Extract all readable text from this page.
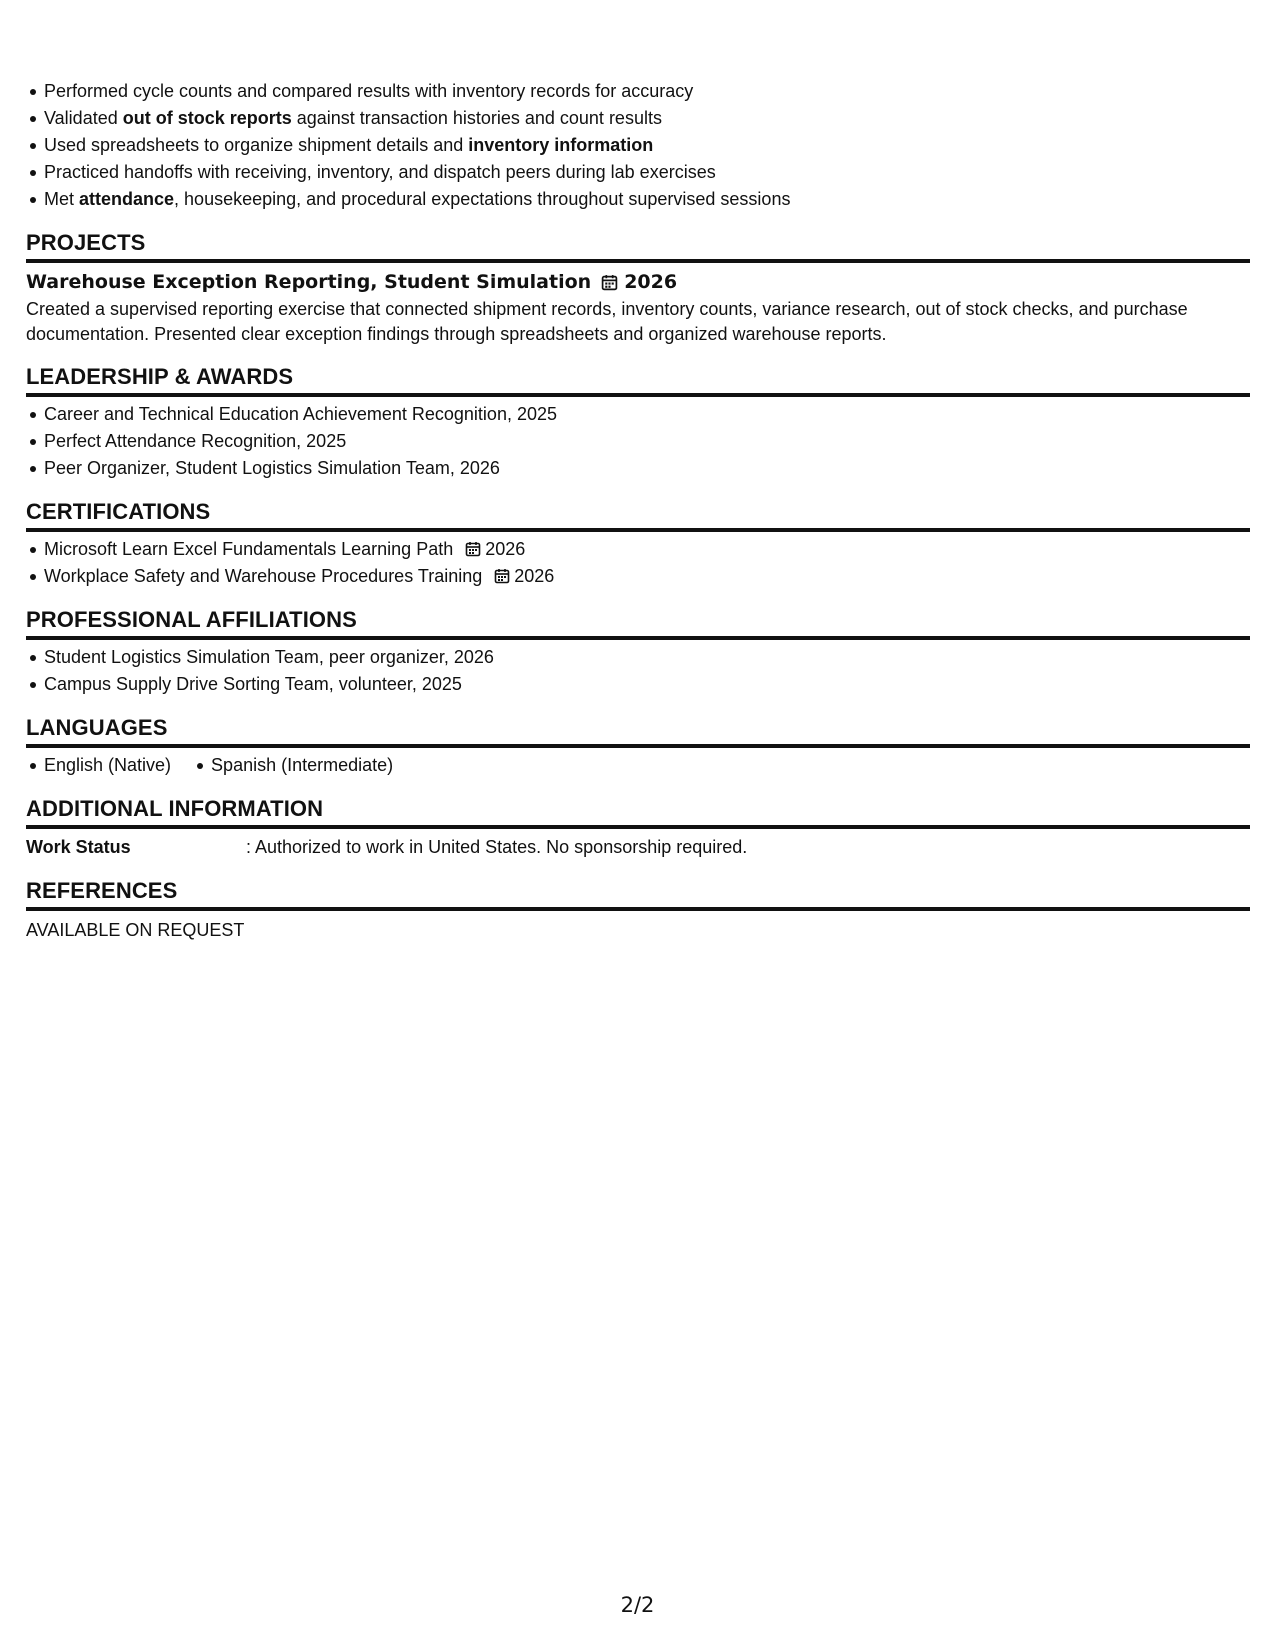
Performed cycle counts and compared results with inventory records for accuracy
Validated out of stock reports against transaction histories and count results
Used spreadsheets to organize shipment details and inventory information
Practiced handoffs with receiving, inventory, and dispatch peers during lab exercises
Met attendance, housekeeping, and procedural expectations throughout supervised sessions
PROJECTS
Warehouse Exception Reporting, Student Simulation 2026

Created a supervised reporting exercise that connected shipment records, inventory counts, variance research, out of stock checks, and purchase documentation. Presented clear exception findings through spreadsheets and organized warehouse reports.

LEADERSHIP & AWARDS
Career and Technical Education Achievement Recognition, 2025
Perfect Attendance Recognition, 2025
Peer Organizer, Student Logistics Simulation Team, 2026
CERTIFICATIONS
Microsoft Learn Excel Fundamentals Learning Path 2026
Workplace Safety and Warehouse Procedures Training 2026
PROFESSIONAL AFFILIATIONS
Student Logistics Simulation Team, peer organizer, 2026
Campus Supply Drive Sorting Team, volunteer, 2025
LANGUAGES
English (Native) Spanish (Intermediate)
ADDITIONAL INFORMATION
Work Status	: Authorized to work in United States. No sponsorship required.
REFERENCES

AVAILABLE ON REQUEST

2/2
